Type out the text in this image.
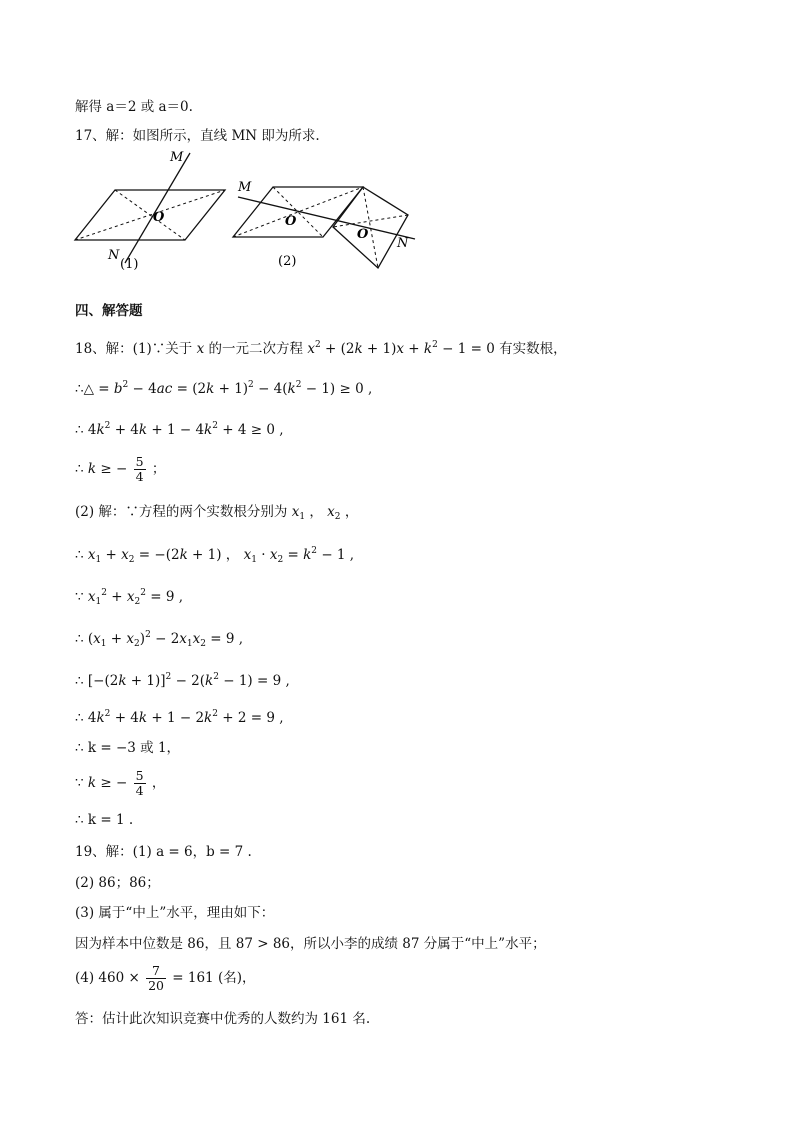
解得 a＝2 或 a＝0.
17、解：如图所示，直线 MN 即为所求.
M
N
O
(1)
M
N
O
O
(2)
四、解答题
18、解：(1)∵关于 x 的一元二次方程 $x^2 + (2k + 1)x + k^2 - 1 = 0$ 有实数根，
∴△ = $b^2 - 4ac = (2k + 1)^2 - 4(k^2 - 1) \ge 0$ ,
∴ $4k^2 + 4k + 1 - 4k^2 + 4 \ge 0$ ,
∴ k ≥ − $\frac{5}{4}$ ；
(2) 解：∵方程的两个实数根分别为 $x_1$ ， $x_2$ ，
∴ $x_1 + x_2 = -(2k + 1)$ ， $x_1 \cdot x_2 = k^2 - 1$ ,
∵ $x_1^2 + x_2^2 = 9$ ,
∴ $(x_1 + x_2)^2 - 2x_1x_2 = 9$ ,
∴ $[-(2k + 1)]^2 - 2(k^2 - 1) = 9$ ,
∴ $4k^2 + 4k + 1 - 2k^2 + 2 = 9$ ,
∴ k = −3 或 1，
∵ k ≥ − $\frac{5}{4}$ ，
∴ k = 1 .
19、解：(1) a = 6，b = 7 .
(2) 86；86；
(3) 属于“中上”水平，理由如下：
因为样本中位数是 86，且 87 > 86，所以小李的成绩 87 分属于“中上”水平；
(4) $460 \times \frac{7}{20} = 161$ (名)，
答：估计此次知识竞赛中优秀的人数约为 161 名.
